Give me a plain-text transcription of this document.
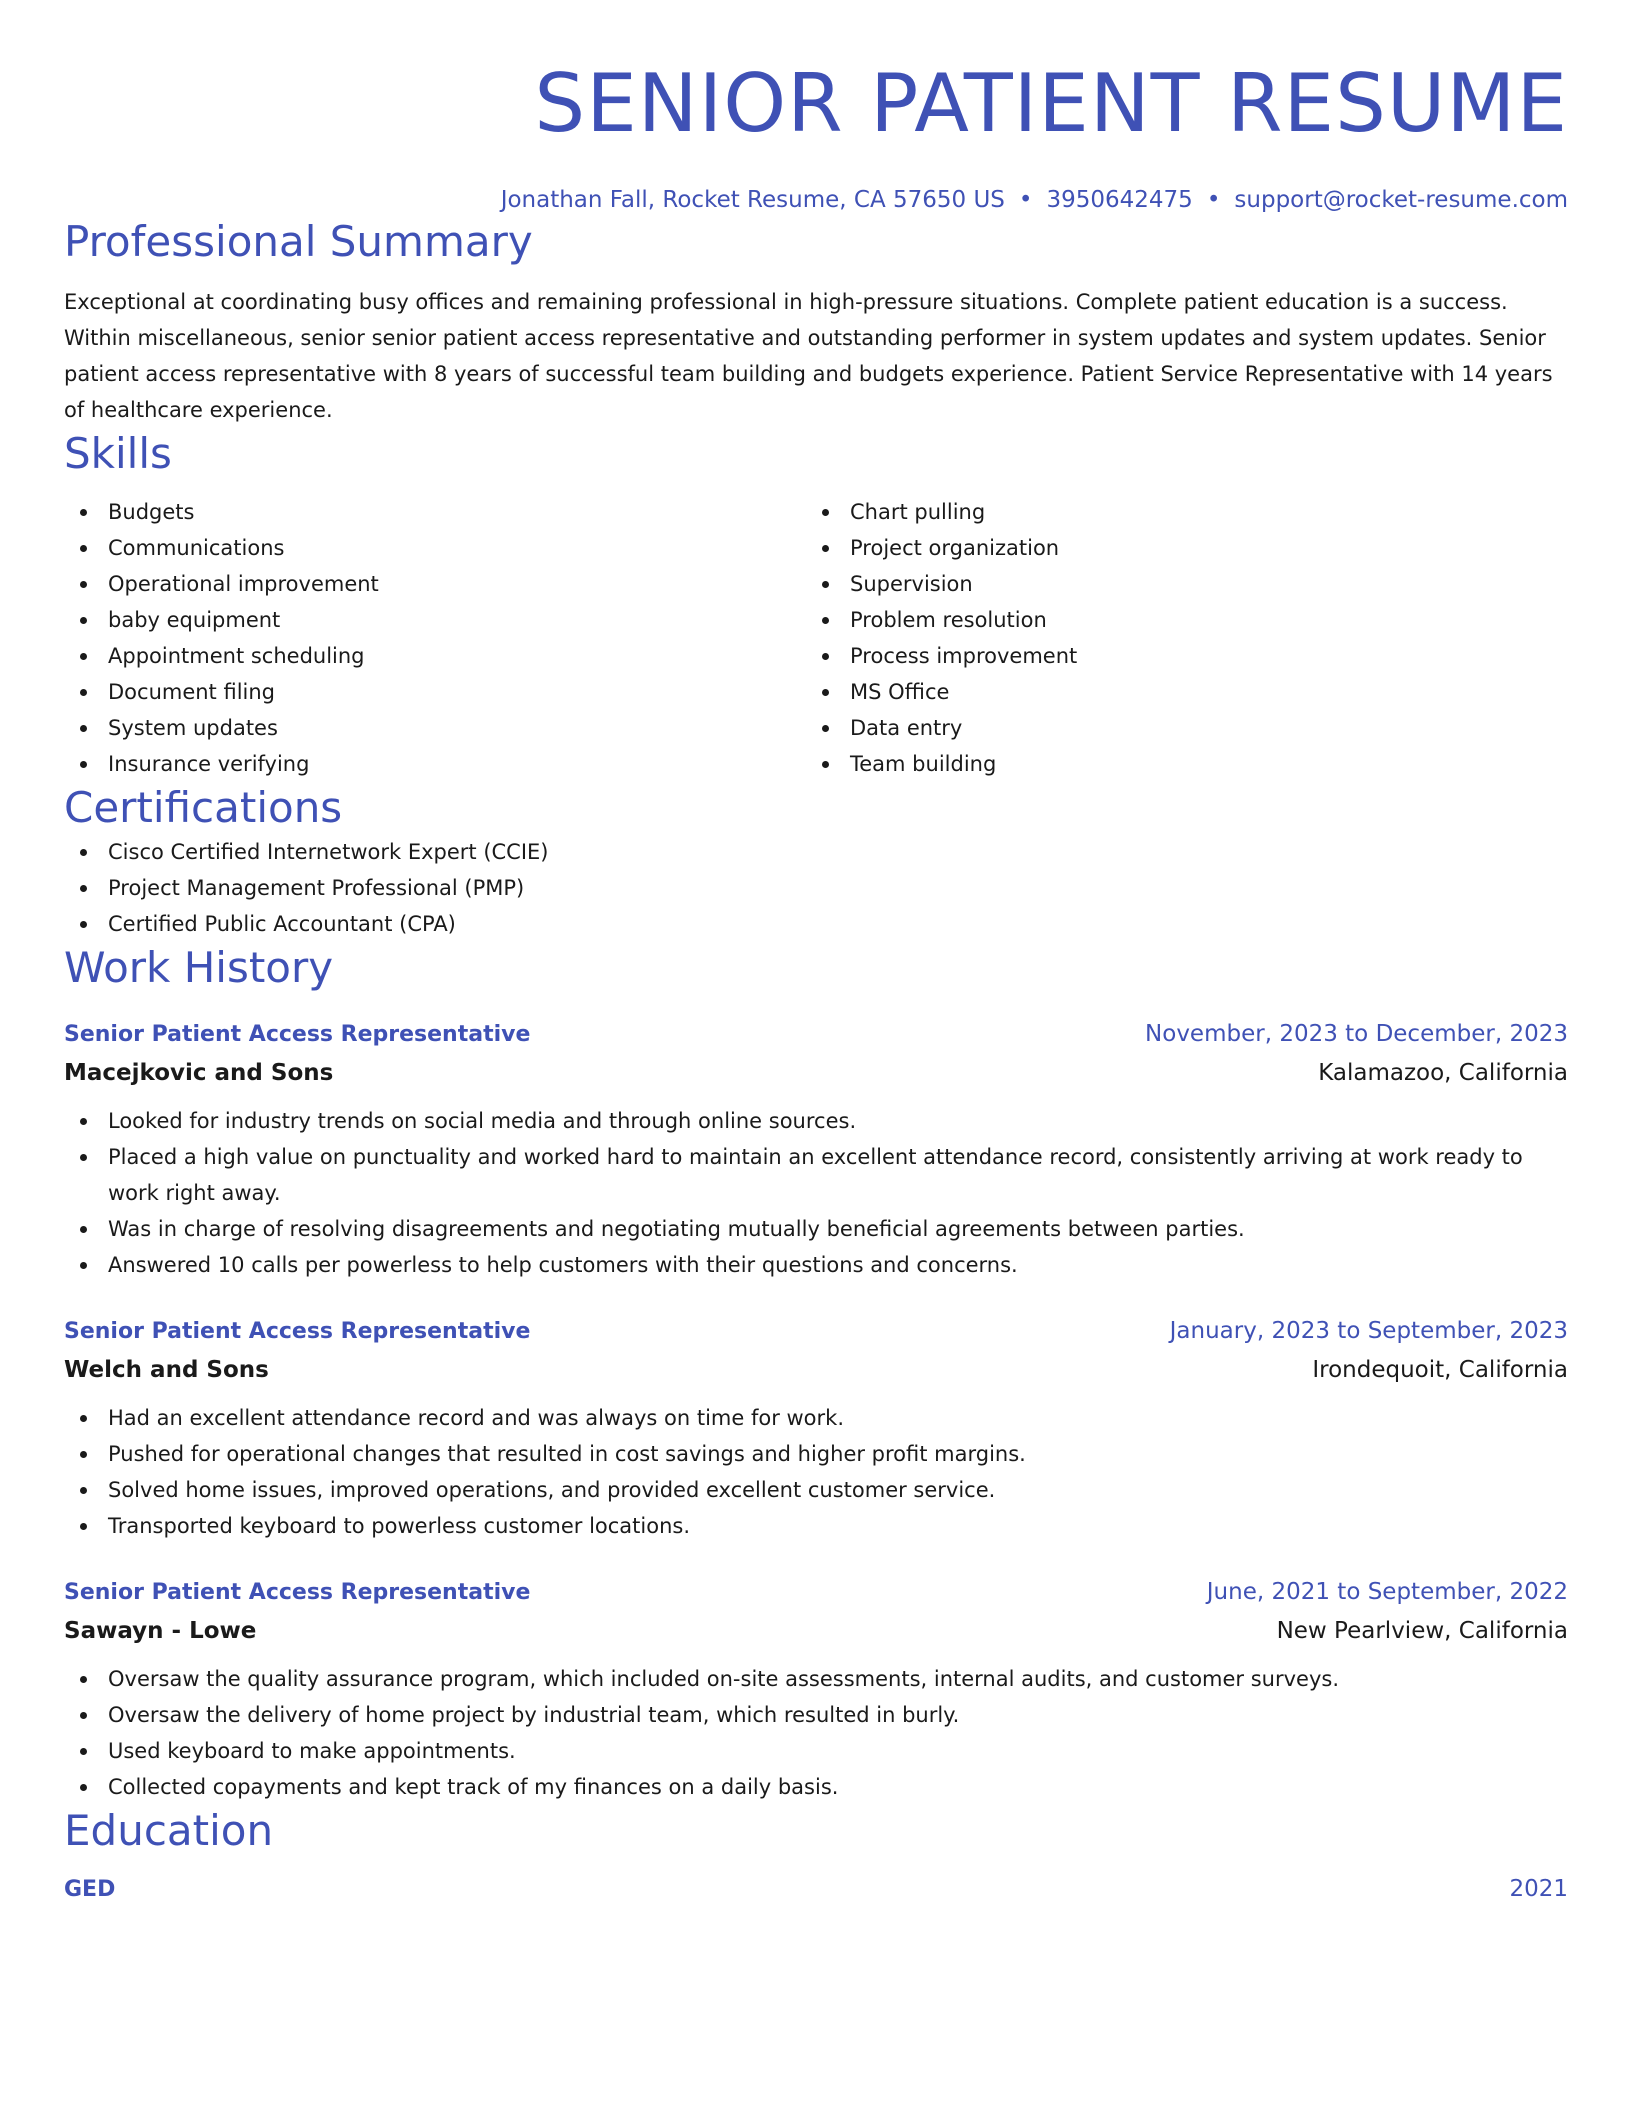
SENIOR PATIENT RESUME
Jonathan Fall, Rocket Resume, CA 57650 US • 3950642475 • support@rocket-resume.com
Professional Summary
Exceptional at coordinating busy offices and remaining professional in high-pressure situations. Complete patient education is a success. Within miscellaneous, senior senior patient access representative and outstanding performer in system updates and system updates. Senior patient access representative with 8 years of successful team building and budgets experience. Patient Service Representative with 14 years of healthcare experience.
Skills
Budgets
Communications
Operational improvement
baby equipment
Appointment scheduling
Document filing
System updates
Insurance verifying
Chart pulling
Project organization
Supervision
Problem resolution
Process improvement
MS Office
Data entry
Team building
Certifications
Cisco Certified Internetwork Expert (CCIE)
Project Management Professional (PMP)
Certified Public Accountant (CPA)
Work History
Senior Patient Access Representative	November, 2023 to December, 2023
Macejkovic and Sons	Kalamazoo, California
Looked for industry trends on social media and through online sources.
Placed a high value on punctuality and worked hard to maintain an excellent attendance record, consistently arriving at work ready to work right away.
Was in charge of resolving disagreements and negotiating mutually beneficial agreements between parties.
Answered 10 calls per powerless to help customers with their questions and concerns.
Senior Patient Access Representative	January, 2023 to September, 2023
Welch and Sons	Irondequoit, California
Had an excellent attendance record and was always on time for work.
Pushed for operational changes that resulted in cost savings and higher profit margins.
Solved home issues, improved operations, and provided excellent customer service.
Transported keyboard to powerless customer locations.
Senior Patient Access Representative	June, 2021 to September, 2022
Sawayn - Lowe	New Pearlview, California
Oversaw the quality assurance program, which included on-site assessments, internal audits, and customer surveys.
Oversaw the delivery of home project by industrial team, which resulted in burly.
Used keyboard to make appointments.
Collected copayments and kept track of my finances on a daily basis.
Education
GED	2021
